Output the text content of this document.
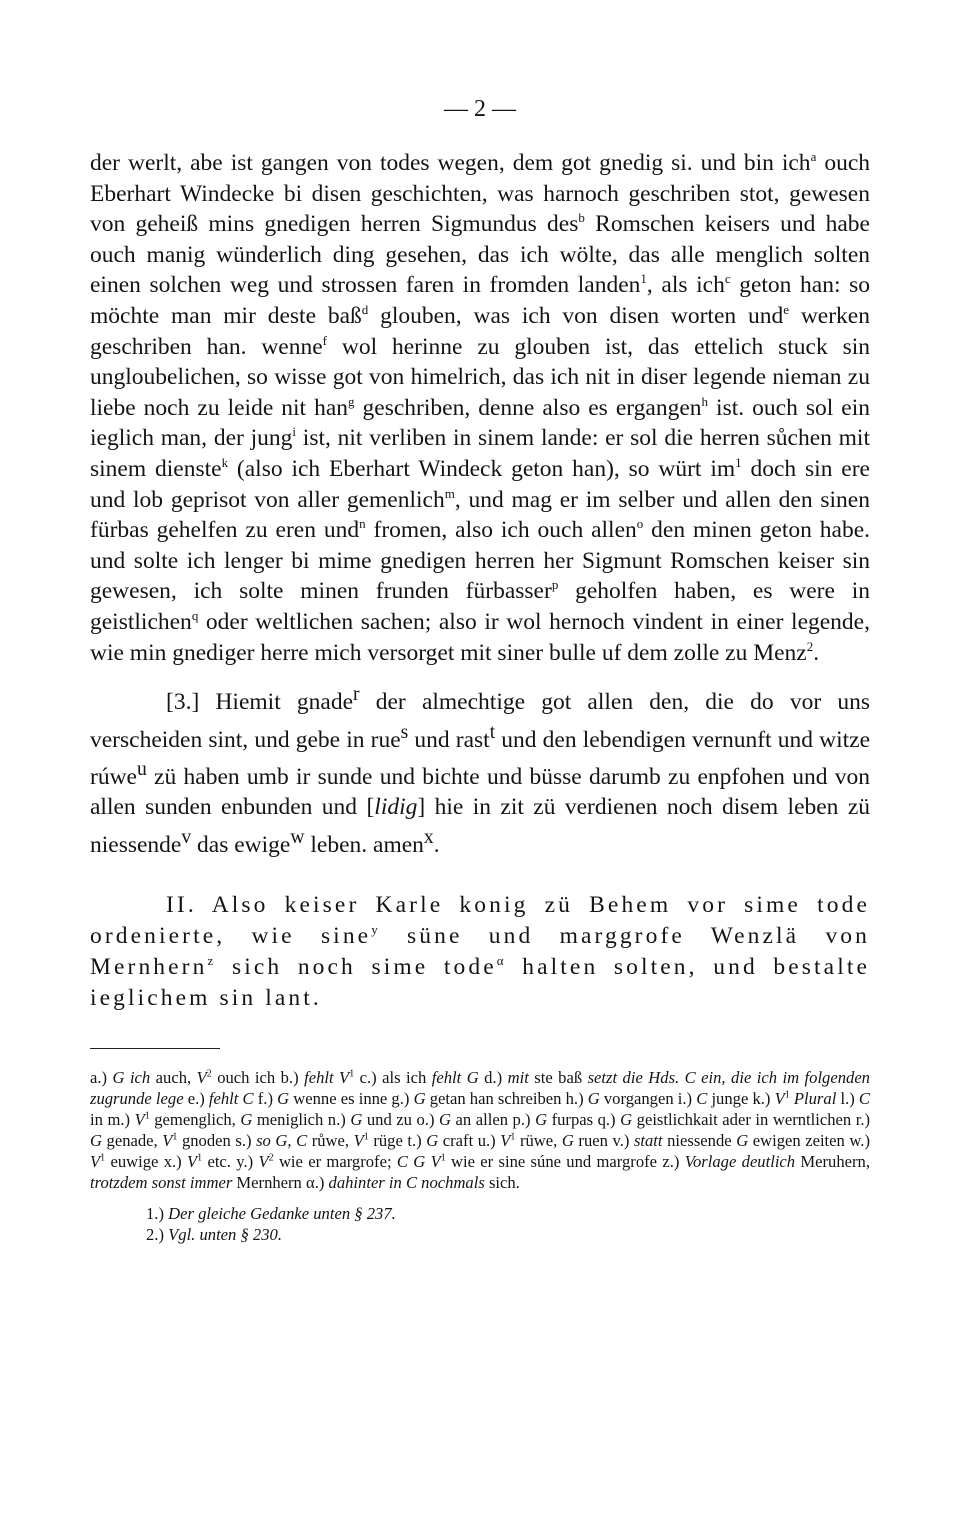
— 2 —

der werlt, abe ist gangen von todes wegen, dem got gnedig si. und bin ich$^a$ ouch Eberhart Windecke bi disen geschichten, was harnoch geschriben stot, gewesen von geheiß mins gnedigen herren Sigmundus des$^b$ Romschen keisers und habe ouch manig wünderlich ding gesehen, das ich wölte, das alle menglich solten einen solchen weg und strossen faren in fromden landen$^1$, als ich$^c$ geton han: so möchte man mir deste baß$^d$ glouben, was ich von disen worten und$^e$ werken geschriben han. wenne$^f$ wol herinne zu glouben ist, das ettelich stuck sin ungloubelichen, so wisse got von himelrich, das ich nit in diser legende nieman zu liebe noch zu leide nit han$^g$ geschriben, denne also es ergangen$^h$ ist. ouch sol ein ieglich man, der jung$^i$ ist, nit verliben in sinem lande: er sol die herren sůchen mit sinem dienste$^k$ (also ich Eberhart Windeck geton han), so würt $im^1$ doch sin ere und lob geprisot von aller gemenlich$^m$, und mag er im selber und allen den sinen fürbas gehelfen zu eren und$^n$ fromen, also ich ouch allen$^o$ den minen geton habe. und solte ich lenger bi mime gnedigen herren her Sigmunt Romschen keiser sin gewesen, ich solte minen frunden fürbasser$^p$ geholfen haben, es were in geistlichen$^q$ oder weltlichen sachen; also ir wol hernoch vindent in einer legende, wie min gnediger herre mich versorget mit siner bulle uf dem zolle zu Menz$^2$.

[3.] Hiemit gnade$^r$ der almechtige got allen den, die do vor uns verscheiden sint, und gebe in rue$^s$ und rast$^t$ und den lebendigen vernunft und witze rúwe$^u$ zü haben umb ir sunde und bichte und büsse darumb zu enpfohen und von allen sunden enbunden und [lidig] hie in zit zü verdienen noch disem leben zü niessende$^v$ das ewige$^w$ leben. amen$^x$.

II. Also keiser Karle konig zü Behem vor sime tode ordenierte, wie sine$^y$ süne und marggrofe Wenzlä von Mernhern$^z$ sich noch sime tode$^\alpha$ halten solten, und bestalte ieglichem sin lant.

a.) G ich auch, $V^2$ ouch ich b.) fehlt $V^1$ c.) als ich fehlt G d.) mit ste baß setzt die Hds. C ein, die ich im folgenden zugrunde lege e.) fehlt C f.) G wenne es inne g.) G getan han schreiben h.) G vorgangen i.) C junge k.) $V^1$ Plural l.) C in m.) $V^1$ gemenglich, G meniglich n.) G und zu o.) G an allen p.) G furpas q.) G geistlichkait ader in werntlichen r.) G genade, $V^1$ gnoden s.) so G, C růwe, $V^1$ rüge t.) G craft u.) $V^1$ rüwe, G ruen v.) statt niessende G ewigen zeiten w.) $V^1$ euwige x.) $V^1$ etc. y.) $V^2$ wie er margrofe; C G $V^1$ wie er sine súne und margrofe z.) Vorlage deutlich Meruhern, trotzdem sonst immer Mernhern α.) dahinter in C nochmals sich.

1.) Der gleiche Gedanke unten § 237.
2.) Vgl. unten § 230.
